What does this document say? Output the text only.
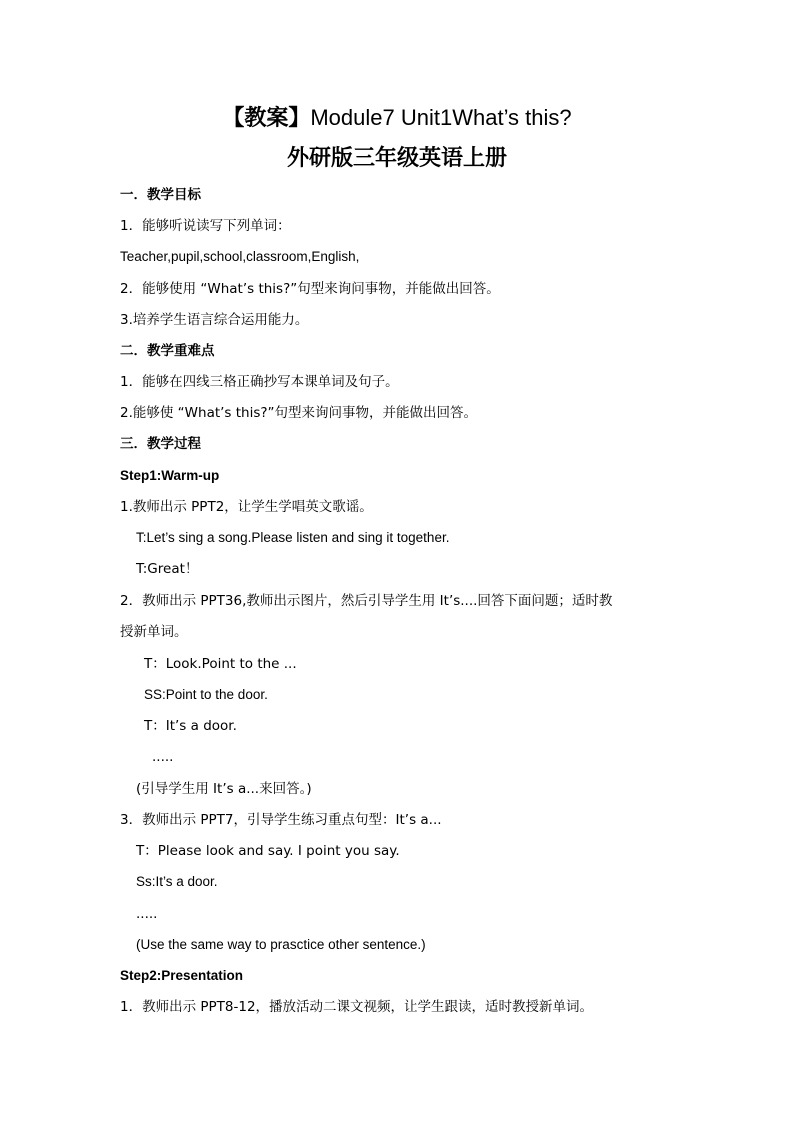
【教案】Module7 Unit1What’s this?
外研版三年级英语上册
一．教学目标
1．能够听说读写下列单词：
Teacher,pupil,school,classroom,English,
2．能够使用 “What’s this?”句型来询问事物，并能做出回答。
3.培养学生语言综合运用能力。
二．教学重难点
1．能够在四线三格正确抄写本课单词及句子。
2.能够使 “What’s this?”句型来询问事物，并能做出回答。
三．教学过程
Step1:Warm-up
1.教师出示 PPT2，让学生学唱英文歌谣。
T:Let’s sing a song.Please listen and sing it together.
T:Great！
2．教师出示 PPT36,教师出示图片，然后引导学生用 It’s....回答下面问题；适时教
授新单词。
T：Look.Point to the ...
SS:Point to the door.
T：It’s a door.
.....
(引导学生用 It’s a...来回答。)
3．教师出示 PPT7，引导学生练习重点句型：It’s a...
T：Please look and say. I point you say.
Ss:It’s a door.
.....
(Use the same way to prasctice other sentence.)
Step2:Presentation
1．教师出示 PPT8-12，播放活动二课文视频，让学生跟读，适时教授新单词。
